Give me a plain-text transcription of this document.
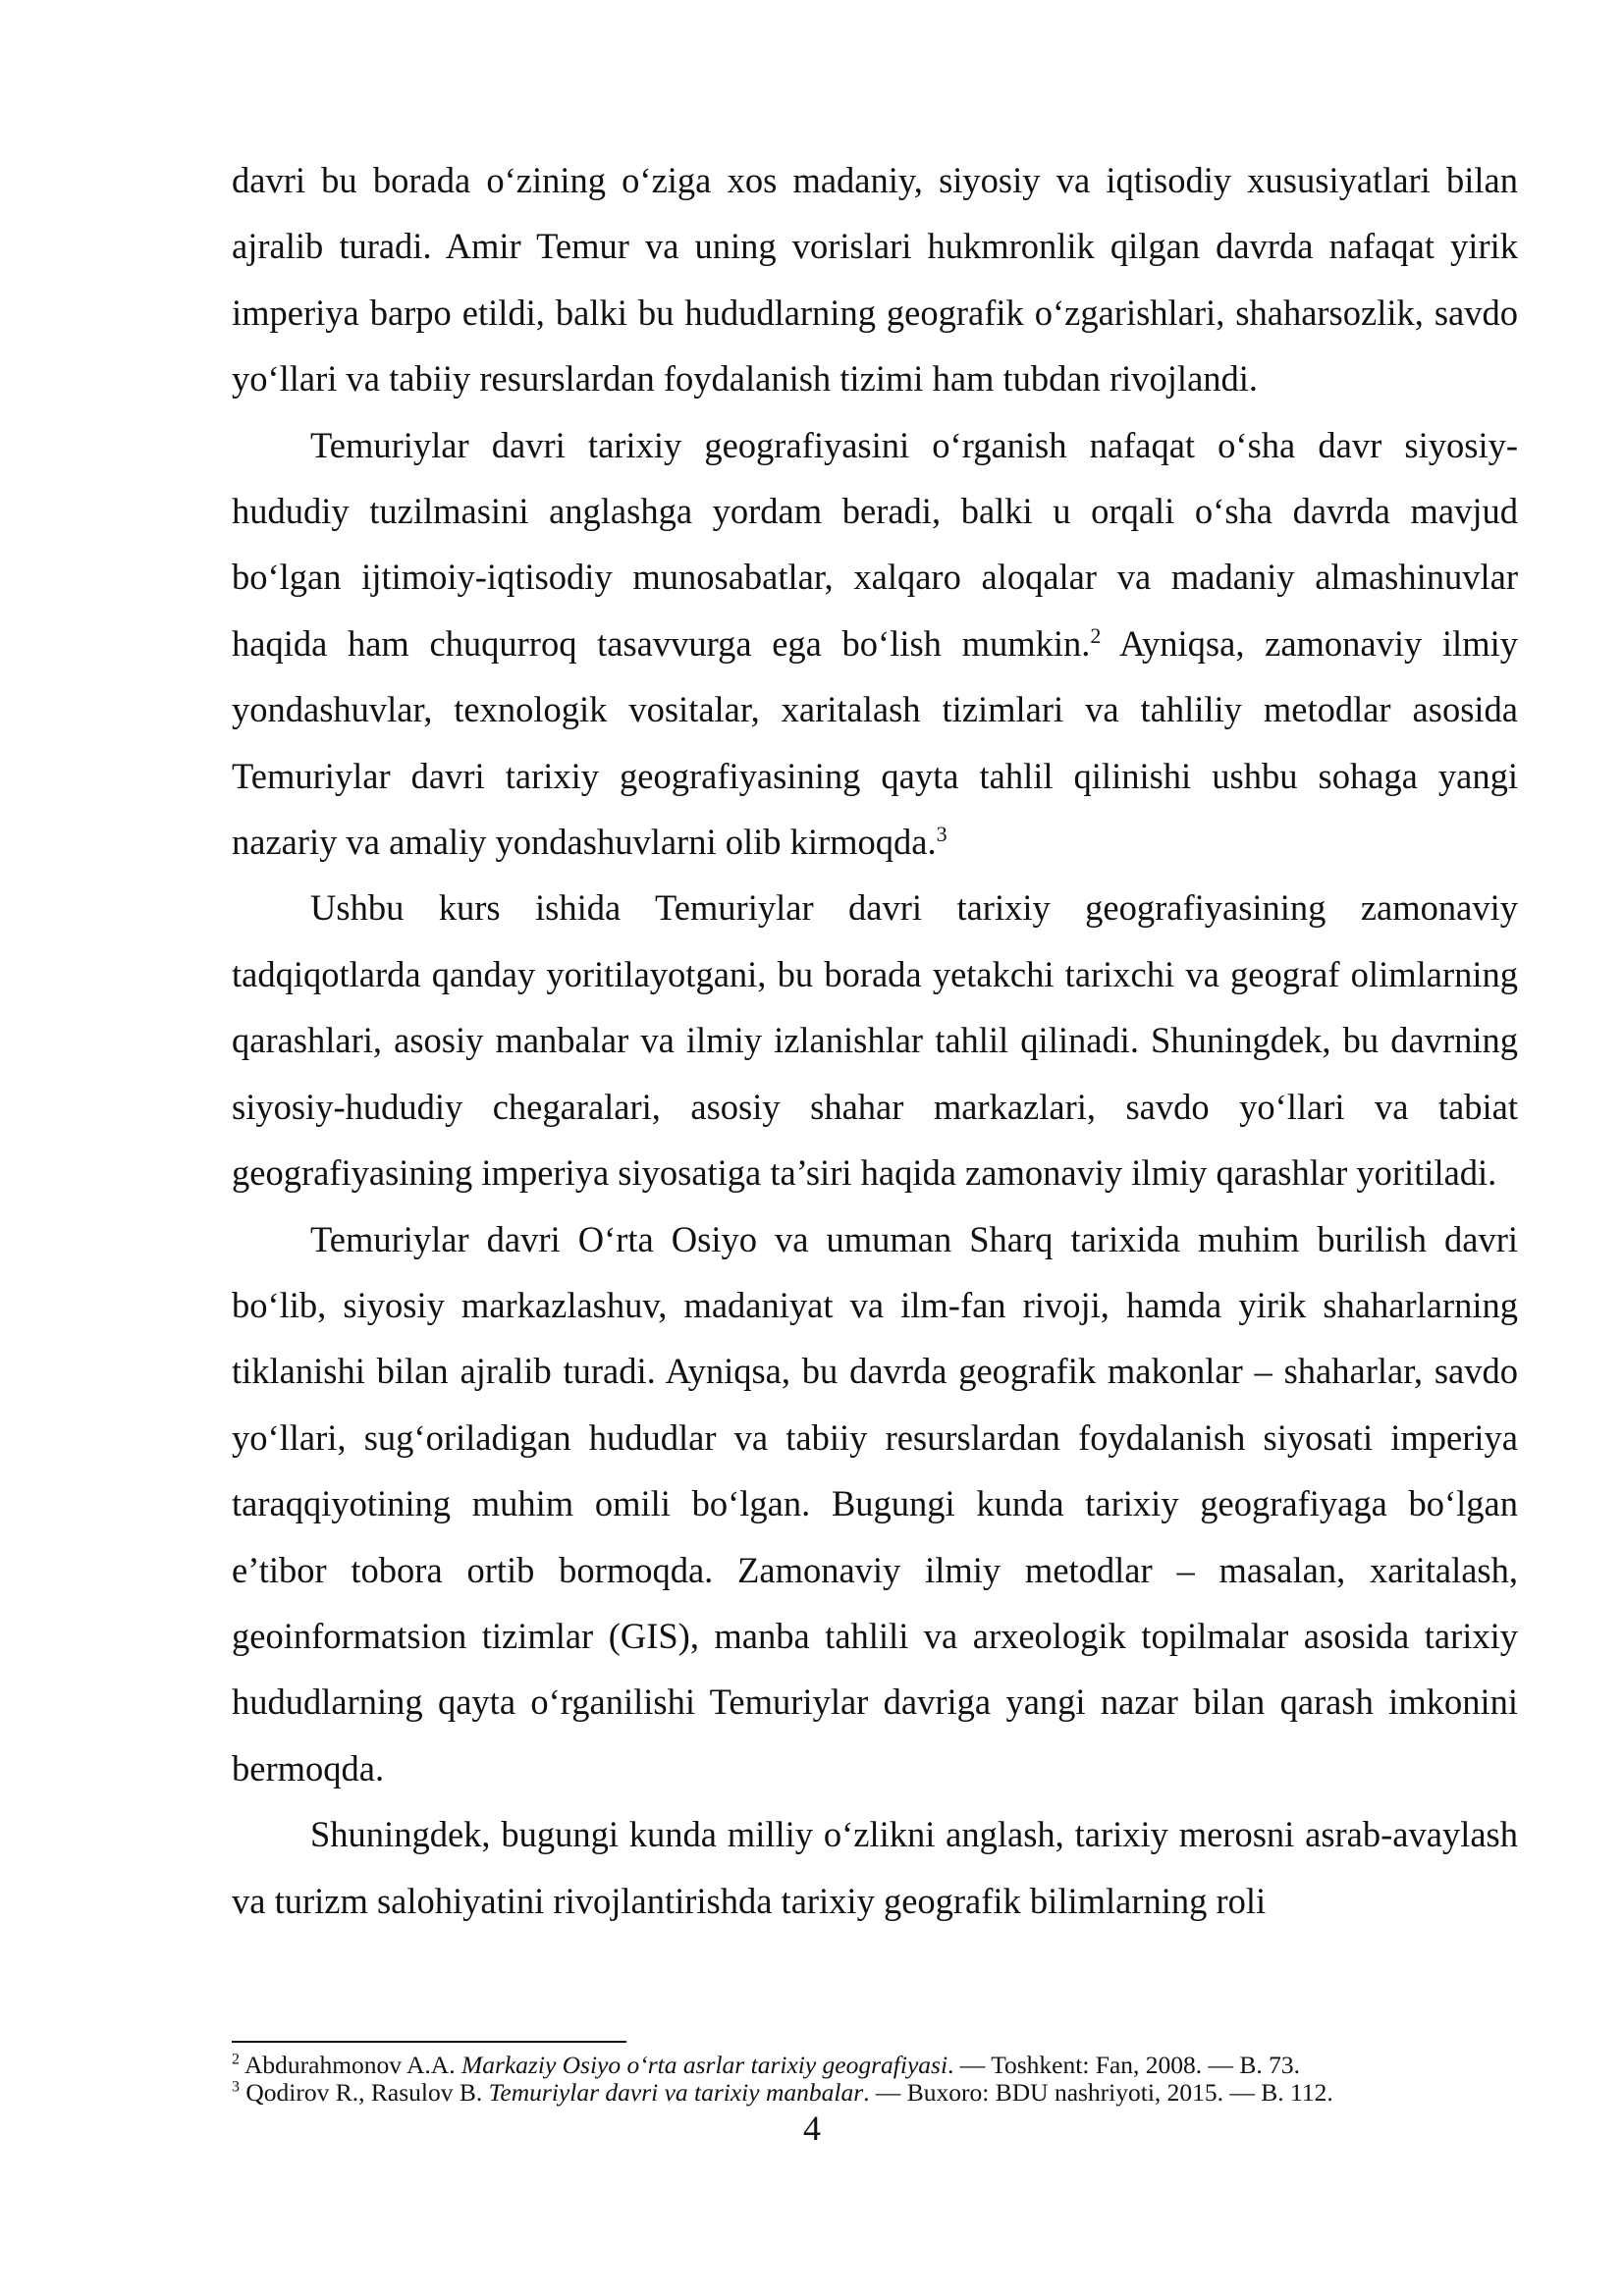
davri bu borada o‘zining o‘ziga xos madaniy, siyosiy va iqtisodiy xususiyatlari bilan ajralib turadi. Amir Temur va uning vorislari hukmronlik qilgan davrda nafaqat yirik imperiya barpo etildi, balki bu hududlarning geografik o‘zgarishlari, shaharsozlik, savdo yo‘llari va tabiiy resurslardan foydalanish tizimi ham tubdan rivojlandi.

Temuriylar davri tarixiy geografiyasini o‘rganish nafaqat o‘sha davr siyosiy-hududiy tuzilmasini anglashga yordam beradi, balki u orqali o‘sha davrda mavjud bo‘lgan ijtimoiy-iqtisodiy munosabatlar, xalqaro aloqalar va madaniy almashinuvlar haqida ham chuqurroq tasavvurga ega bo‘lish mumkin.$^2$ Ayniqsa, zamonaviy ilmiy yondashuvlar, texnologik vositalar, xaritalash tizimlari va tahliliy metodlar asosida Temuriylar davri tarixiy geografiyasining qayta tahlil qilinishi ushbu sohaga yangi nazariy va amaliy yondashuvlarni olib kirmoqda.$^3$

Ushbu kurs ishida Temuriylar davri tarixiy geografiyasining zamonaviy tadqiqotlarda qanday yoritilayotgani, bu borada yetakchi tarixchi va geograf olimlarning qarashlari, asosiy manbalar va ilmiy izlanishlar tahlil qilinadi. Shuningdek, bu davrning siyosiy-hududiy chegaralari, asosiy shahar markazlari, savdo yo‘llari va tabiat geografiyasining imperiya siyosatiga ta’siri haqida zamonaviy ilmiy qarashlar yoritiladi.

Temuriylar davri O‘rta Osiyo va umuman Sharq tarixida muhim burilish davri bo‘lib, siyosiy markazlashuv, madaniyat va ilm-fan rivoji, hamda yirik shaharlarning tiklanishi bilan ajralib turadi. Ayniqsa, bu davrda geografik makonlar – shaharlar, savdo yo‘llari, sug‘oriladigan hududlar va tabiiy resurslardan foydalanish siyosati imperiya taraqqiyotining muhim omili bo‘lgan. Bugungi kunda tarixiy geografiyaga bo‘lgan e’tibor tobora ortib bormoqda. Zamonaviy ilmiy metodlar – masalan, xaritalash, geoinformatsion tizimlar (GIS), manba tahlili va arxeologik topilmalar asosida tarixiy hududlarning qayta o‘rganilishi Temuriylar davriga yangi nazar bilan qarash imkonini bermoqda.

Shuningdek, bugungi kunda milliy o‘zlikni anglash, tarixiy merosni asrab-avaylash va turizm salohiyatini rivojlantirishda tarixiy geografik bilimlarning roli

$^2$ Abdurahmonov A.A. Markaziy Osiyo o‘rta asrlar tarixiy geografiyasi. — Toshkent: Fan, 2008. — B. 73.

$^3$ Qodirov R., Rasulov B. Temuriylar davri va tarixiy manbalar. — Buxoro: BDU nashriyoti, 2015. — B. 112.

4
